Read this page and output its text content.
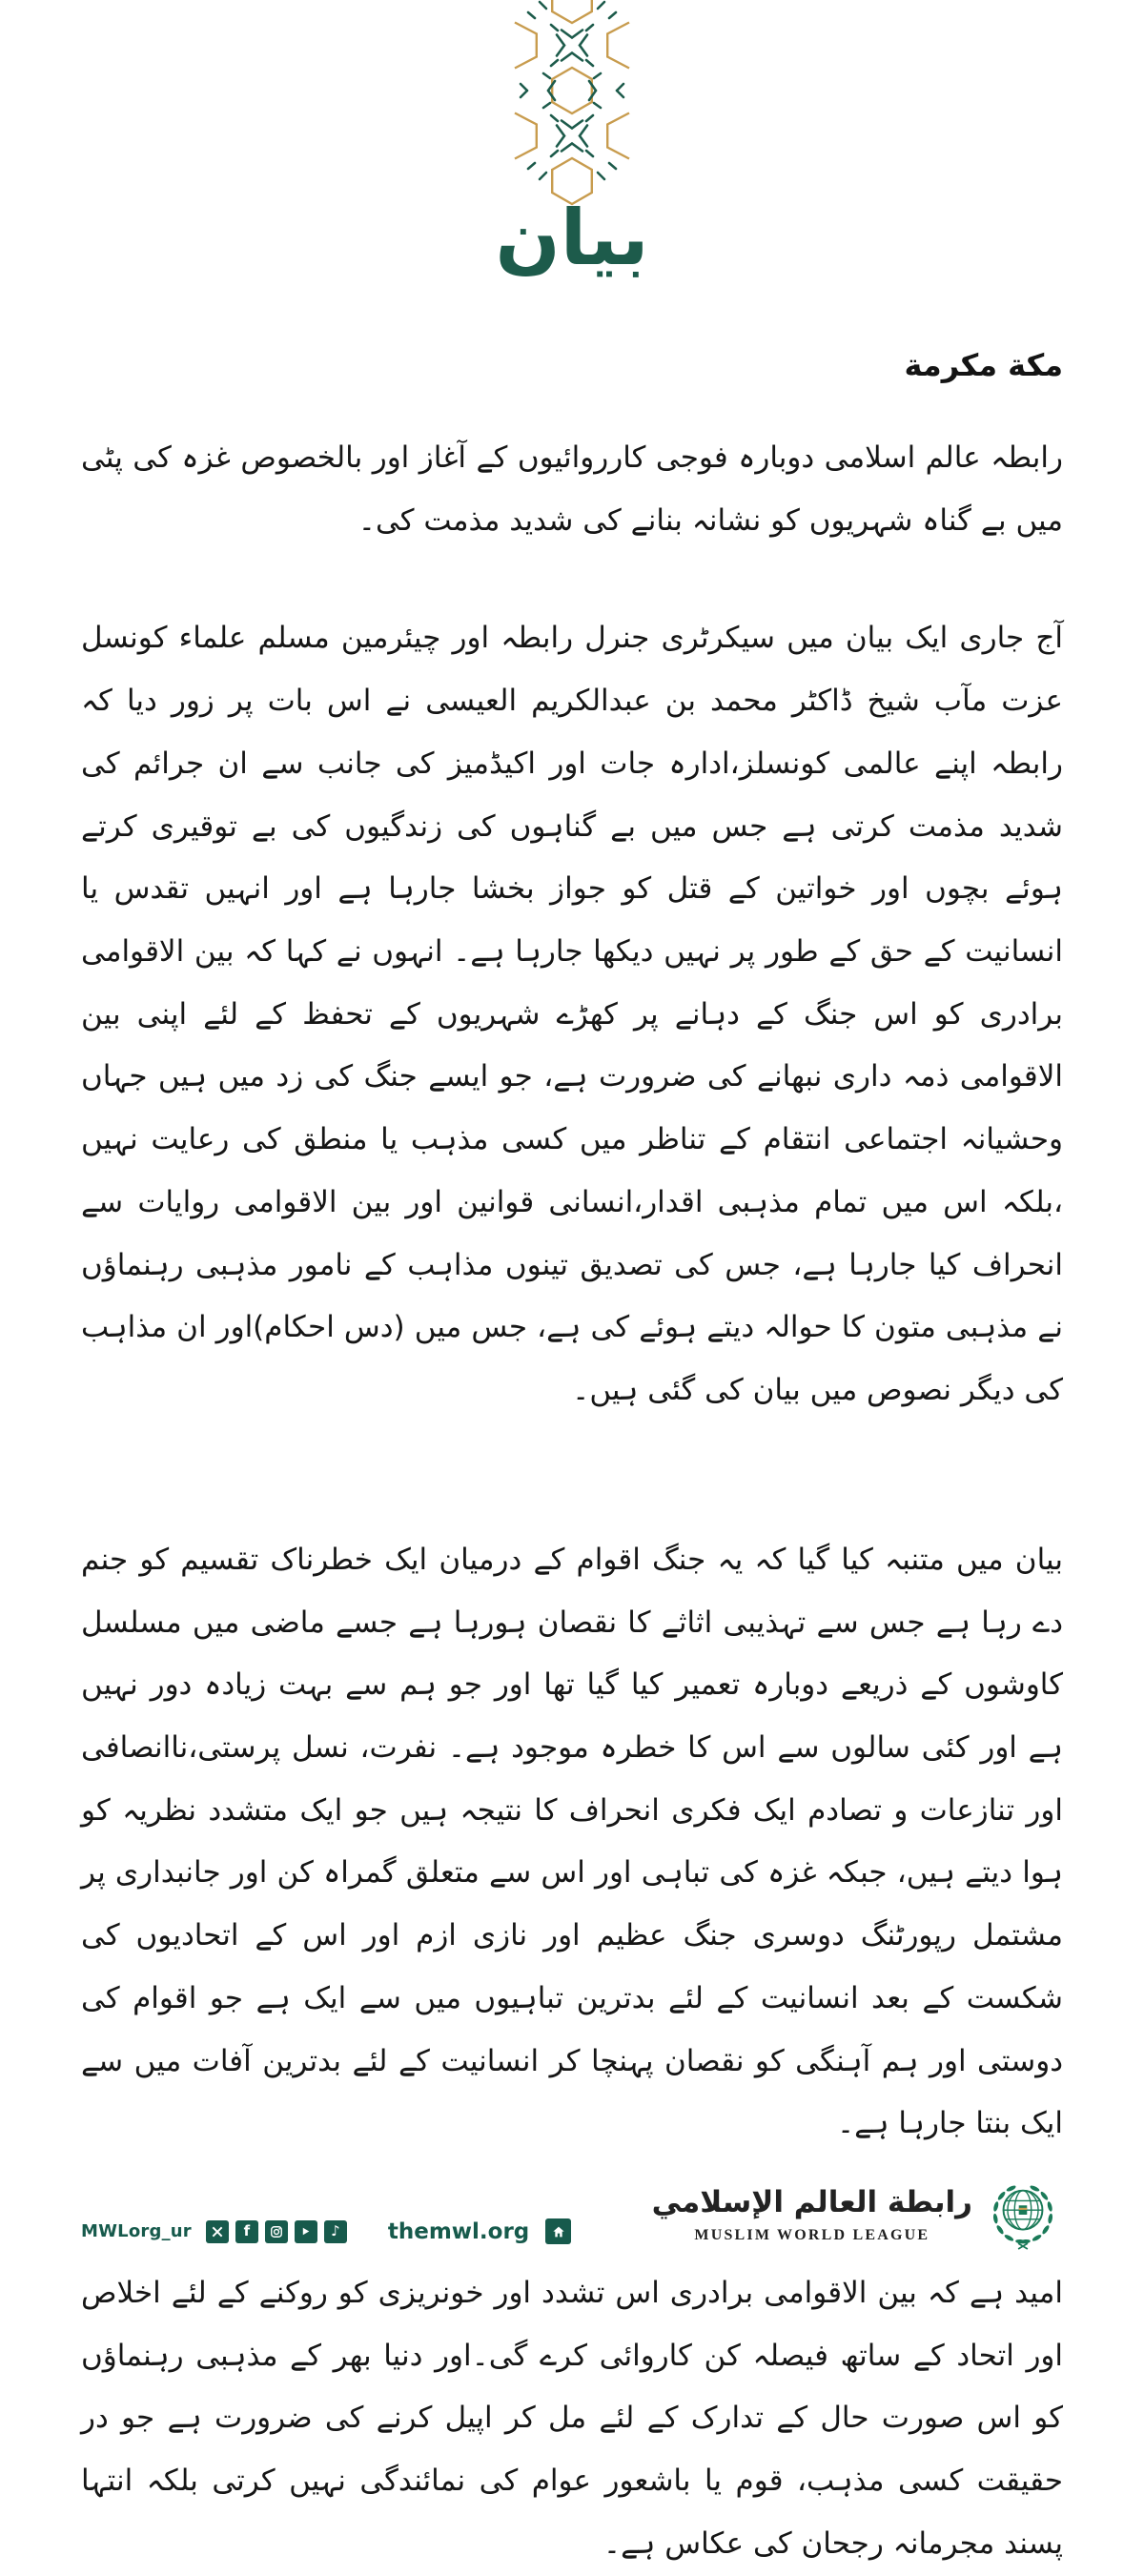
بيان
مكة مكرمة

رابطہ عالم اسلامی دوبارہ فوجی کارروائیوں کے آغاز اور بالخصوص غزہ کی پٹی میں بے گناہ شہریوں کو نشانہ بنانے کی شدید مذمت کی۔

آج جاری ایک بیان میں سیکرٹری جنرل رابطہ اور چیئرمین مسلم علماء کونسل عزت مآب شیخ ڈاکٹر محمد بن عبدالکریم العیسی نے اس بات پر زور دیا کہ رابطہ اپنے عالمی کونسلز،ادارہ جات اور اکیڈمیز کی جانب سے ان جرائم کی شدید مذمت کرتی ہے جس میں بے گناہوں کی زندگیوں کی بے توقیری کرتے ہوئے بچوں اور خواتین کے قتل کو جواز بخشا جارہا ہے اور انہیں تقدس یا انسانیت کے حق کے طور پر نہیں دیکھا جارہا ہے۔ انہوں نے کہا کہ بین الاقوامی برادری کو اس جنگ کے دہانے پر کھڑے شہریوں کے تحفظ کے لئے اپنی بین الاقوامی ذمہ داری نبھانے کی ضرورت ہے، جو ایسے جنگ کی زد میں ہیں جہاں وحشیانہ اجتماعی انتقام کے تناظر میں کسی مذہب یا منطق کی رعایت نہیں ،بلکہ اس میں تمام مذہبی اقدار،انسانی قوانین اور بین الاقوامی روایات سے انحراف کیا جارہا ہے، جس کی تصدیق تینوں مذاہب کے نامور مذہبی رہنماؤں نے مذہبی متون کا حوالہ دیتے ہوئے کی ہے، جس میں (دس احکام)اور ان مذاہب کی دیگر نصوص میں بیان کی گئی ہیں۔

بیان میں متنبہ کیا گیا کہ یہ جنگ اقوام کے درمیان ایک خطرناک تقسیم کو جنم دے رہا ہے جس سے تہذیبی اثاثے کا نقصان ہورہا ہے جسے ماضی میں مسلسل کاوشوں کے ذریعے دوبارہ تعمیر کیا گیا تھا اور جو ہم سے بہت زیادہ دور نہیں ہے اور کئی سالوں سے اس کا خطرہ موجود ہے۔ نفرت، نسل پرستی،ناانصافی اور تنازعات و تصادم ایک فکری انحراف کا نتیجہ ہیں جو ایک متشدد نظریہ کو ہوا دیتے ہیں، جبکہ غزہ کی تباہی اور اس سے متعلق گمراہ کن اور جانبداری پر مشتمل رپورٹنگ دوسری جنگ عظیم اور نازی ازم اور اس کے اتحادیوں کی شکست کے بعد انسانیت کے لئے بدترین تباہیوں میں سے ایک ہے جو اقوام کی دوستی اور ہم آہنگی کو نقصان پہنچا کر انسانیت کے لئے بدترین آفات میں سے ایک بنتا جارہا ہے۔

امید ہے کہ بین الاقوامی برادری اس تشدد اور خونریزی کو روکنے کے لئے اخلاص اور اتحاد کے ساتھ فیصلہ کن کاروائی کرے گی۔اور دنیا بھر کے مذہبی رہنماؤں کو اس صورت حال کے تدارک کے لئے مل کر اپیل کرنے کی ضرورت ہے جو در حقیقت کسی مذہب، قوم یا باشعور عوام کی نمائندگی نہیں کرتی بلکہ انتہا پسند مجرمانہ رجحان کی عکاس ہے۔

MWLorg_ur	f	♪ themwl.org
رابطة العالم الإسلامي
MUSLIM WORLD LEAGUE
